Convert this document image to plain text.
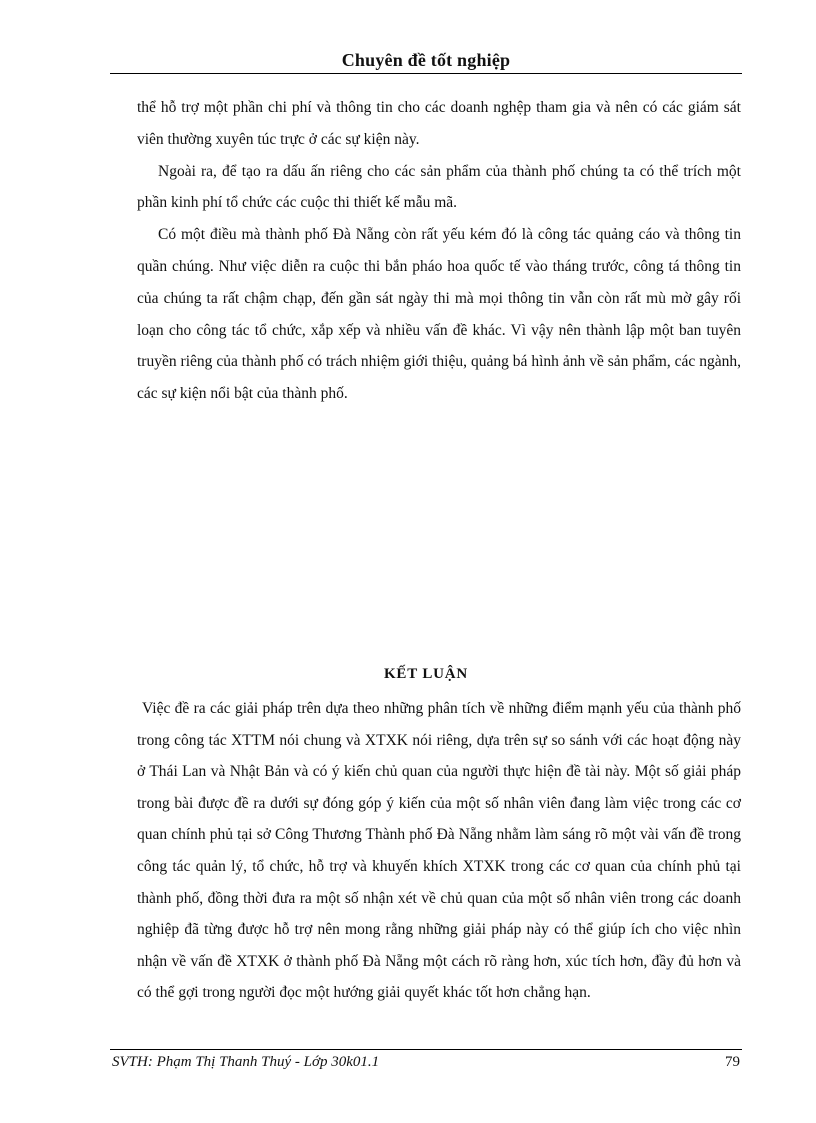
Chuyên đề tốt nghiệp

thể hỗ trợ một phần chi phí và thông tin cho các doanh nghệp tham gia và nên có các giám sát viên thường xuyên túc trực ở các sự kiện này.

Ngoài ra, để tạo ra dấu ấn riêng cho các sản phẩm của thành phố chúng ta có thể trích một phần kinh phí tổ chức các cuộc thi thiết kế mẫu mã.

Có một điều mà thành phố Đà Nẵng còn rất yếu kém đó là công tác quảng cáo và thông tin quần chúng. Như việc diễn ra cuộc thi bắn pháo hoa quốc tế vào tháng trước, công tá thông tin của chúng ta rất chậm chạp, đến gần sát ngày thi mà mọi thông tin vẫn còn rất mù mờ gây rối loạn cho công tác tổ chức, xắp xếp và nhiều vấn đề khác. Vì vậy nên thành lập một ban tuyên truyền riêng của thành phố có trách nhiệm giới thiệu, quảng bá hình ảnh về sản phẩm, các ngành, các sự kiện nổi bật của thành phố.

KẾT LUẬN

Việc đề ra các giải pháp trên dựa theo những phân tích về những điểm mạnh yếu của thành phố trong công tác XTTM nói chung và XTXK nói riêng, dựa trên sự so sánh với các hoạt động này ở Thái Lan và Nhật Bản và có ý kiến chủ quan của người thực hiện đề tài này. Một số giải pháp trong bài được đề ra dưới sự đóng góp ý kiến của một số nhân viên đang làm việc trong các cơ quan chính phủ tại sở Công Thương Thành phố Đà Nẵng nhằm làm sáng rõ một vài vấn đề trong công tác quản lý, tổ chức, hỗ trợ và khuyến khích XTXK trong các cơ quan của chính phủ tại thành phố, đồng thời đưa ra một số nhận xét về chủ quan của một số nhân viên trong các doanh nghiệp đã từng được hỗ trợ nên mong rằng những giải pháp này có thể giúp ích cho việc nhìn nhận về vấn đề XTXK ở thành phố Đà Nẵng một cách rõ ràng hơn, xúc tích hơn, đầy đủ hơn và có thể gợi trong người đọc một hướng giải quyết khác tốt hơn chẳng hạn.

SVTH: Phạm Thị Thanh Thuý - Lớp 30k01.1	79
